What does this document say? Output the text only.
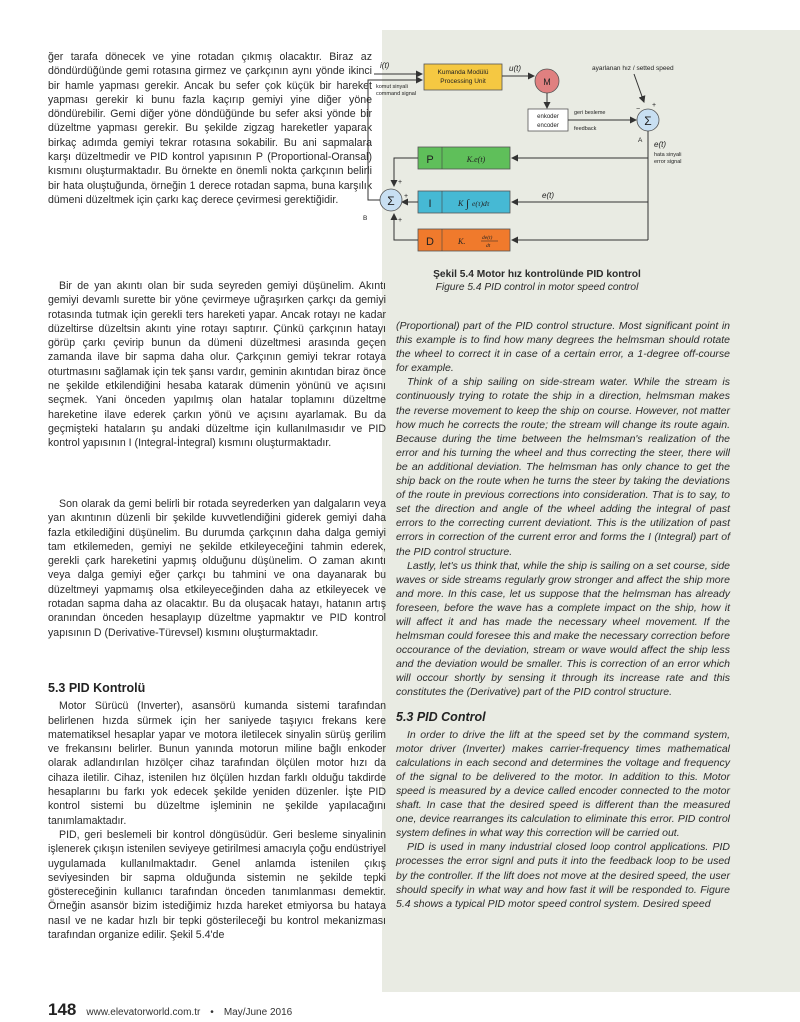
ğer tarafa dönecek ve yine rotadan çıkmış olacaktır. Biraz az döndürdüğünde gemi rotasına girmez ve çarkçının aynı yönde ikinci bir hamle yapması gerekir. Ancak bu sefer çok küçük bir hareket yapması gerekir ki bunu fazla kaçırıp gemiyi yine diğer yöne döndürebilir. Gemi diğer yöne döndüğünde bu sefer aksi yönde bir düzeltme yapması gerekir. Bu şekilde zigzag hareketler yaparak birkaç adımda gemiyi tekrar rotasına sokabilir. Bu ani sapmalara karşı düzeltmedir ve PID kontrol yapısının P (Proportional-Oransal) kısmını oluşturmaktadır. Bu örnekte en önemli nokta çarkçının belirli bir hata oluştuğunda, örneğin 1 derece rotadan sapma, buna karşılık dümeni düzeltmek için çarkı kaç derece çevirmesi gerektiğidir.

Bir de yan akıntı olan bir suda seyreden gemiyi düşünelim. Akıntı gemiyi devamlı surette bir yöne çevirmeye uğraşırken çarkçı da gemiyi rotasında tutmak için gerekli ters hareketi yapar. Ancak rotayı ne kadar düzeltirse düzeltsin akıntı yine rotayı saptırır. Çünkü çarkçının hatayı görüp çarkı çevirip bunun da dümeni düzeltmesi arasında geçen zamanda ilave bir sapma daha olur. Çarkçının gemiyi tekrar rotaya oturtmasını sağlamak için tek şansı vardır, geminin akıntıdan biraz önce ne şekilde etkilendiğini hesaba katarak dümenin yönünü ve açısını seçmek. Yani önceden yapılmış olan hatalar toplamını düzeltme hareketine ilave ederek çarkın yönü ve açısını ayarlamak. Bu da geçmişteki hataların şu andaki düzeltme için kullanılmasıdır ve PID kontrol yapısının I (Integral-İntegral) kısmını oluşturmaktadır.

Son olarak da gemi belirli bir rotada seyrederken yan dalgaların veya yan akıntının düzenli bir şekilde kuvvetlendiğini giderek gemiyi daha fazla etkilediğini düşünelim. Bu durumda çarkçının daha dalga gemiyi tam etkilemeden, gemiyi ne şekilde etkileyeceğini tahmin ederek, gerekli çark hareketini yapmış olduğunu düşünelim. O zaman akıntı veya dalga gemiyi eğer çarkçı bu tahmini ve ona dayanarak bu düzeltmeyi yapmamış olsa etkileyeceğinden daha az etkileyecek ve rotadan sapma daha az olacaktır. Bu da oluşacak hatayı, hatanın artış oranından önceden hesaplayıp düzeltme yapmaktır ve PID kontrol yapısının D (Derivative-Türevsel) kısmını oluşturmaktadır.

5.3 PID Kontrolü

Motor Sürücü (Inverter), asansörü kumanda sistemi tarafından belirlenen hızda sürmek için her saniyede taşıyıcı frekans kere matematiksel hesaplar yapar ve motora iletilecek sinyalin sürüş gerilim ve frekansını belirler. Bunun yanında motorun miline bağlı enkoder olarak adlandırılan hızölçer cihaz tarafından ölçülen motor hızı da cihaza iletilir. Cihaz, istenilen hız ölçülen hızdan farklı olduğu takdirde hesaplarını bu farkı yok edecek şekilde yeniden düzenler. İşte PID kontrol sistemi bu düzeltme işleminin ne şekilde yapılacağını tanımlamaktadır.

PID, geri beslemeli bir kontrol döngüsüdür. Geri besleme sinyalinin işlenerek çıkışın istenilen seviyeye getirilmesi amacıyla çoğu endüstriyel uygulamada kullanılmaktadır. Genel anlamda istenilen çıkış seviyesinden bir sapma olduğunda sistemin ne şekilde tepki göstereceğinin kullanıcı tarafından önceden tanımlanması demektir. Örneğin asansör bizim istediğimiz hızda hareket etmiyorsa bu hataya nasıl ve ne kadar hızlı bir tepki gösterileceği bu kontrol mekanizması tarafından organize edilir. Şekil 5.4'de

i(t)
komut sinyali
command signal
Kumanda Modülü
Processing Unit
u(t)
M
ayarlanan hız / setted speed
enkoder
encoder
geri besleme
feedback
Σ
−
+
A e(t)
hata sinyali
error signal
e(t)
P	K.e(t)
I	K ∫ e(τ)dτ
D	K.	de(t)
dt
Σ
+
+
+
B
Şekil 5.4 Motor hız kontrolünde PID kontrol
Figure 5.4 PID control in motor speed control

(Proportional) part of the PID control structure. Most significant point in this example is to find how many degrees the helmsman should rotate the wheel to correct it in case of a certain error, a 1-degree off-course for example.

Think of a ship sailing on side-stream water. While the stream is continuously trying to rotate the ship in a direction, helmsman makes the reverse movement to keep the ship on course. However, not matter how much he corrects the route; the stream will change its route again. Because during the time between the helmsman's realization of the error and his turning the wheel and thus correcting the steer, there will be an additional deviation. The helmsman has only chance to get the ship back on the route when he turns the steer by taking the deviations of the route in previous corrections into consideration. That is to say, to set the direction and angle of the wheel adding the integral of past errors to the correcting current deviationt. This is the utilization of past errors in correction of the current error and forms the I (Integral) part of the PID control structure.

Lastly, let's us think that, while the ship is sailing on a set course, side waves or side streams regularly grow stronger and affect the ship more and more. In this case, let us suppose that the helmsman has already foreseen, before the wave has a complete impact on the ship, how it will affect it and has made the necessary wheel movement. If the helmsman could foresee this and make the necessary correction before occourance of the deviation, stream or wave would affect the ship less and the deviation would be smaller. This is correction of an error which will occour shortly by sensing it through its increase rate and this constitutes the (Derivative) part of the PID control structure.

5.3 PID Control

In order to drive the lift at the speed set by the command system, motor driver (Inverter) makes carrier-frequency times mathematical calculations in each second and determines the voltage and frequency of the signal to be delivered to the motor. In addition to this. Motor speed is measured by a device called encoder connected to the motor shaft. In case that the desired speed is different than the measured one, device rearranges its calculation to eliminate this error. PID control system defines in what way this correction will be carried out.

PID is used in many industrial closed loop control applications. PID processes the error signl and puts it into the feedback loop to be used by the controller. If the lift does not move at the desired speed, the user should specify in what way and how fast it will be responded to. Figure 5.4 shows a typical PID motor speed control system. Desired speed

148 www.elevatorworld.com.tr • May/June 2016
